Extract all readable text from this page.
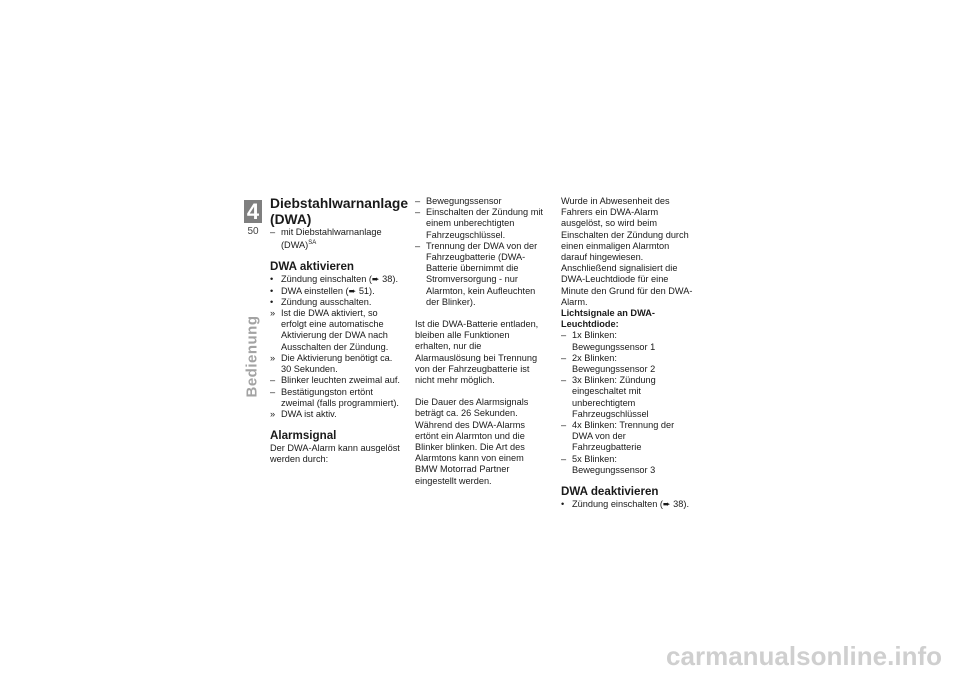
4
50
Bedienung
Diebstahlwarnanlage (DWA)
– mit Diebstahlwarnanlage (DWA)$^{SA}$
DWA aktivieren
• Zündung einschalten (➨ 38).
• DWA einstellen (➨ 51).
• Zündung ausschalten.
» Ist die DWA aktiviert, so erfolgt eine automatische Aktivierung der DWA nach Ausschalten der Zündung.
» Die Aktivierung benötigt ca. 30 Sekunden.
– Blinker leuchten zweimal auf.
– Bestätigungston ertönt zweimal (falls programmiert).
» DWA ist aktiv.
Alarmsignal
Der DWA-Alarm kann ausgelöst werden durch:
– Bewegungssensor
– Einschalten der Zündung mit einem unberechtigten Fahrzeugschlüssel.
– Trennung der DWA von der Fahrzeugbatterie (DWA-Batterie übernimmt die Stromversorgung - nur Alarmton, kein Aufleuchten der Blinker).
Ist die DWA-Batterie entladen, bleiben alle Funktionen erhalten, nur die Alarmauslösung bei Trennung von der Fahrzeugbatterie ist nicht mehr möglich.
Die Dauer des Alarmsignals beträgt ca. 26 Sekunden. Während des DWA-Alarms ertönt ein Alarmton und die Blinker blinken. Die Art des Alarmtons kann von einem BMW Motorrad Partner eingestellt werden.
Wurde in Abwesenheit des Fahrers ein DWA-Alarm ausgelöst, so wird beim Einschalten der Zündung durch einen einmaligen Alarmton darauf hingewiesen. Anschließend signalisiert die DWA-Leuchtdiode für eine Minute den Grund für den DWA-Alarm.
Lichtsignale an DWA-Leuchtdiode:
– 1x Blinken: Bewegungssensor 1
– 2x Blinken: Bewegungssensor 2
– 3x Blinken: Zündung eingeschaltet mit unberechtigtem Fahrzeugschlüssel
– 4x Blinken: Trennung der DWA von der Fahrzeugbatterie
– 5x Blinken: Bewegungssensor 3
DWA deaktivieren
• Zündung einschalten (➨ 38).
carmanualsonline.info
